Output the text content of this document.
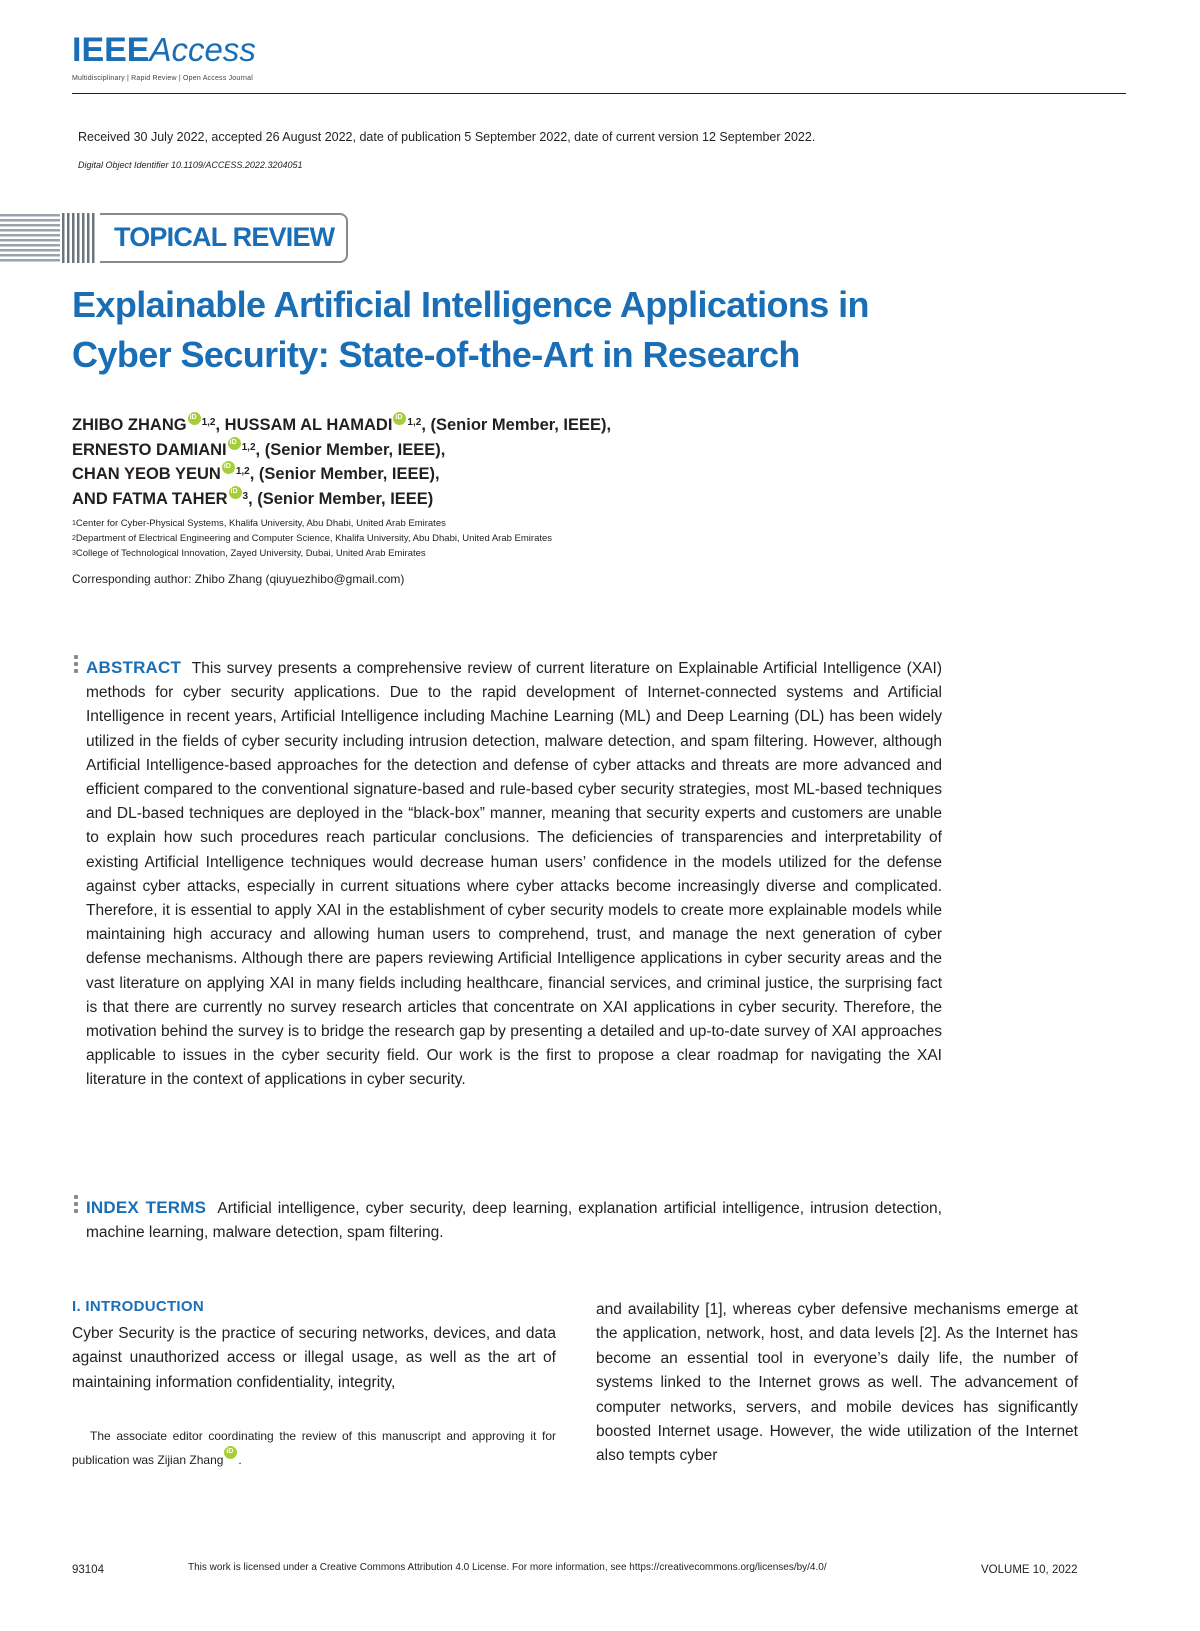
IEEEAccess
Multidisciplinary | Rapid Review | Open Access Journal
Received 30 July 2022, accepted 26 August 2022, date of publication 5 September 2022, date of current version 12 September 2022.
Digital Object Identifier 10.1109/ACCESS.2022.3204051
TOPICAL REVIEW
Explainable Artificial Intelligence Applications in
Cyber Security: State-of-the-Art in Research
ZHIBO ZHANG iD $^{1,2}$, HUSSAM AL HAMADI iD $^{1,2}$, (Senior Member, IEEE),
ERNESTO DAMIANI iD $^{1,2}$, (Senior Member, IEEE),
CHAN YEOB YEUN iD $^{1,2}$, (Senior Member, IEEE),
AND FATMA TAHER iD $^3$, (Senior Member, IEEE)
$^1$Center for Cyber-Physical Systems, Khalifa University, Abu Dhabi, United Arab Emirates
$^2$Department of Electrical Engineering and Computer Science, Khalifa University, Abu Dhabi, United Arab Emirates
$^3$College of Technological Innovation, Zayed University, Dubai, United Arab Emirates
Corresponding author: Zhibo Zhang (qiuyuezhibo@gmail.com)
ABSTRACT This survey presents a comprehensive review of current literature on Explainable Artificial Intelligence (XAI) methods for cyber security applications. Due to the rapid development of Internet-connected systems and Artificial Intelligence in recent years, Artificial Intelligence including Machine Learning (ML) and Deep Learning (DL) has been widely utilized in the fields of cyber security including intrusion detection, malware detection, and spam filtering. However, although Artificial Intelligence-based approaches for the detection and defense of cyber attacks and threats are more advanced and efficient compared to the conventional signature-based and rule-based cyber security strategies, most ML-based techniques and DL-based techniques are deployed in the “black-box” manner, meaning that security experts and customers are unable to explain how such procedures reach particular conclusions. The deficiencies of transparencies and interpretability of existing Artificial Intelligence techniques would decrease human users’ confidence in the models utilized for the defense against cyber attacks, especially in current situations where cyber attacks become increasingly diverse and complicated. Therefore, it is essential to apply XAI in the establishment of cyber security models to create more explainable models while maintaining high accuracy and allowing human users to comprehend, trust, and manage the next generation of cyber defense mechanisms. Although there are papers reviewing Artificial Intelligence applications in cyber security areas and the vast literature on applying XAI in many fields including healthcare, financial services, and criminal justice, the surprising fact is that there are currently no survey research articles that concentrate on XAI applications in cyber security. Therefore, the motivation behind the survey is to bridge the research gap by presenting a detailed and up-to-date survey of XAI approaches applicable to issues in the cyber security field. Our work is the first to propose a clear roadmap for navigating the XAI literature in the context of applications in cyber security.
INDEX TERMS Artificial intelligence, cyber security, deep learning, explanation artificial intelligence, intrusion detection, machine learning, malware detection, spam filtering.
I. INTRODUCTION
Cyber Security is the practice of securing networks, devices, and data against unauthorized access or illegal usage, as well as the art of maintaining information confidentiality, integrity,
The associate editor coordinating the review of this manuscript and approving it for publication was Zijian ZhangiD .
and availability [1], whereas cyber defensive mechanisms emerge at the application, network, host, and data levels [2]. As the Internet has become an essential tool in everyone’s daily life, the number of systems linked to the Internet grows as well. The advancement of computer networks, servers, and mobile devices has significantly boosted Internet usage. However, the wide utilization of the Internet also tempts cyber
93104	This work is licensed under a Creative Commons Attribution 4.0 License. For more information, see https://creativecommons.org/licenses/by/4.0/	VOLUME 10, 2022
